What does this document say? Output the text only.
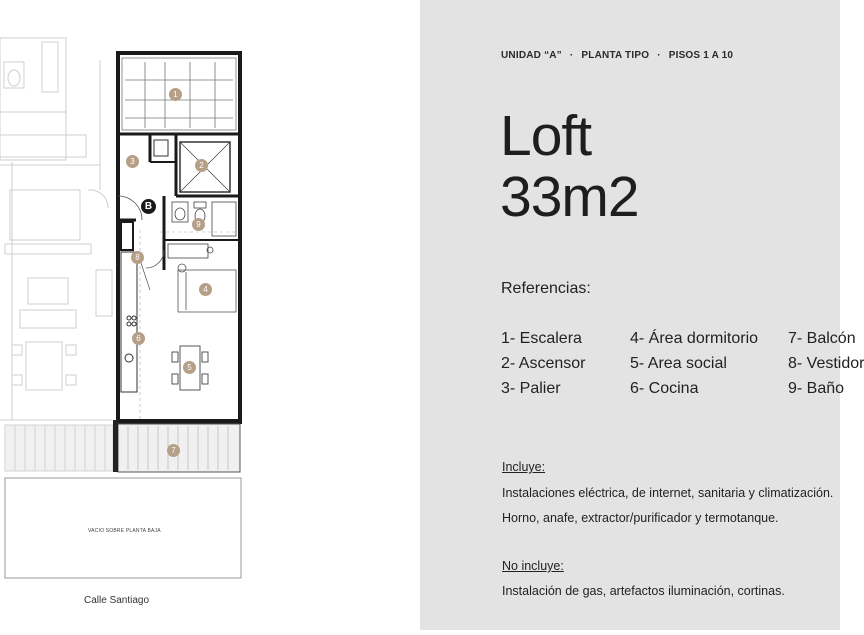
1
2
3
4
5
6
7
8
9
B
VACIO SOBRE PLANTA BAJA
Calle Santiago
UNIDAD “A” · PLANTA TIPO · PISOS 1 A 10
Loft
33m2
Referencias:
1- Escalera
2- Ascensor
3- Palier
4- Área dormitorio
5- Area social
6- Cocina
7- Balcón
8- Vestidor
9- Baño
Incluye:
Instalaciones eléctrica, de internet, sanitaria y climatización.
Horno, anafe, extractor/purificador y termotanque.
No incluye:
Instalación de gas, artefactos iluminación, cortinas.
